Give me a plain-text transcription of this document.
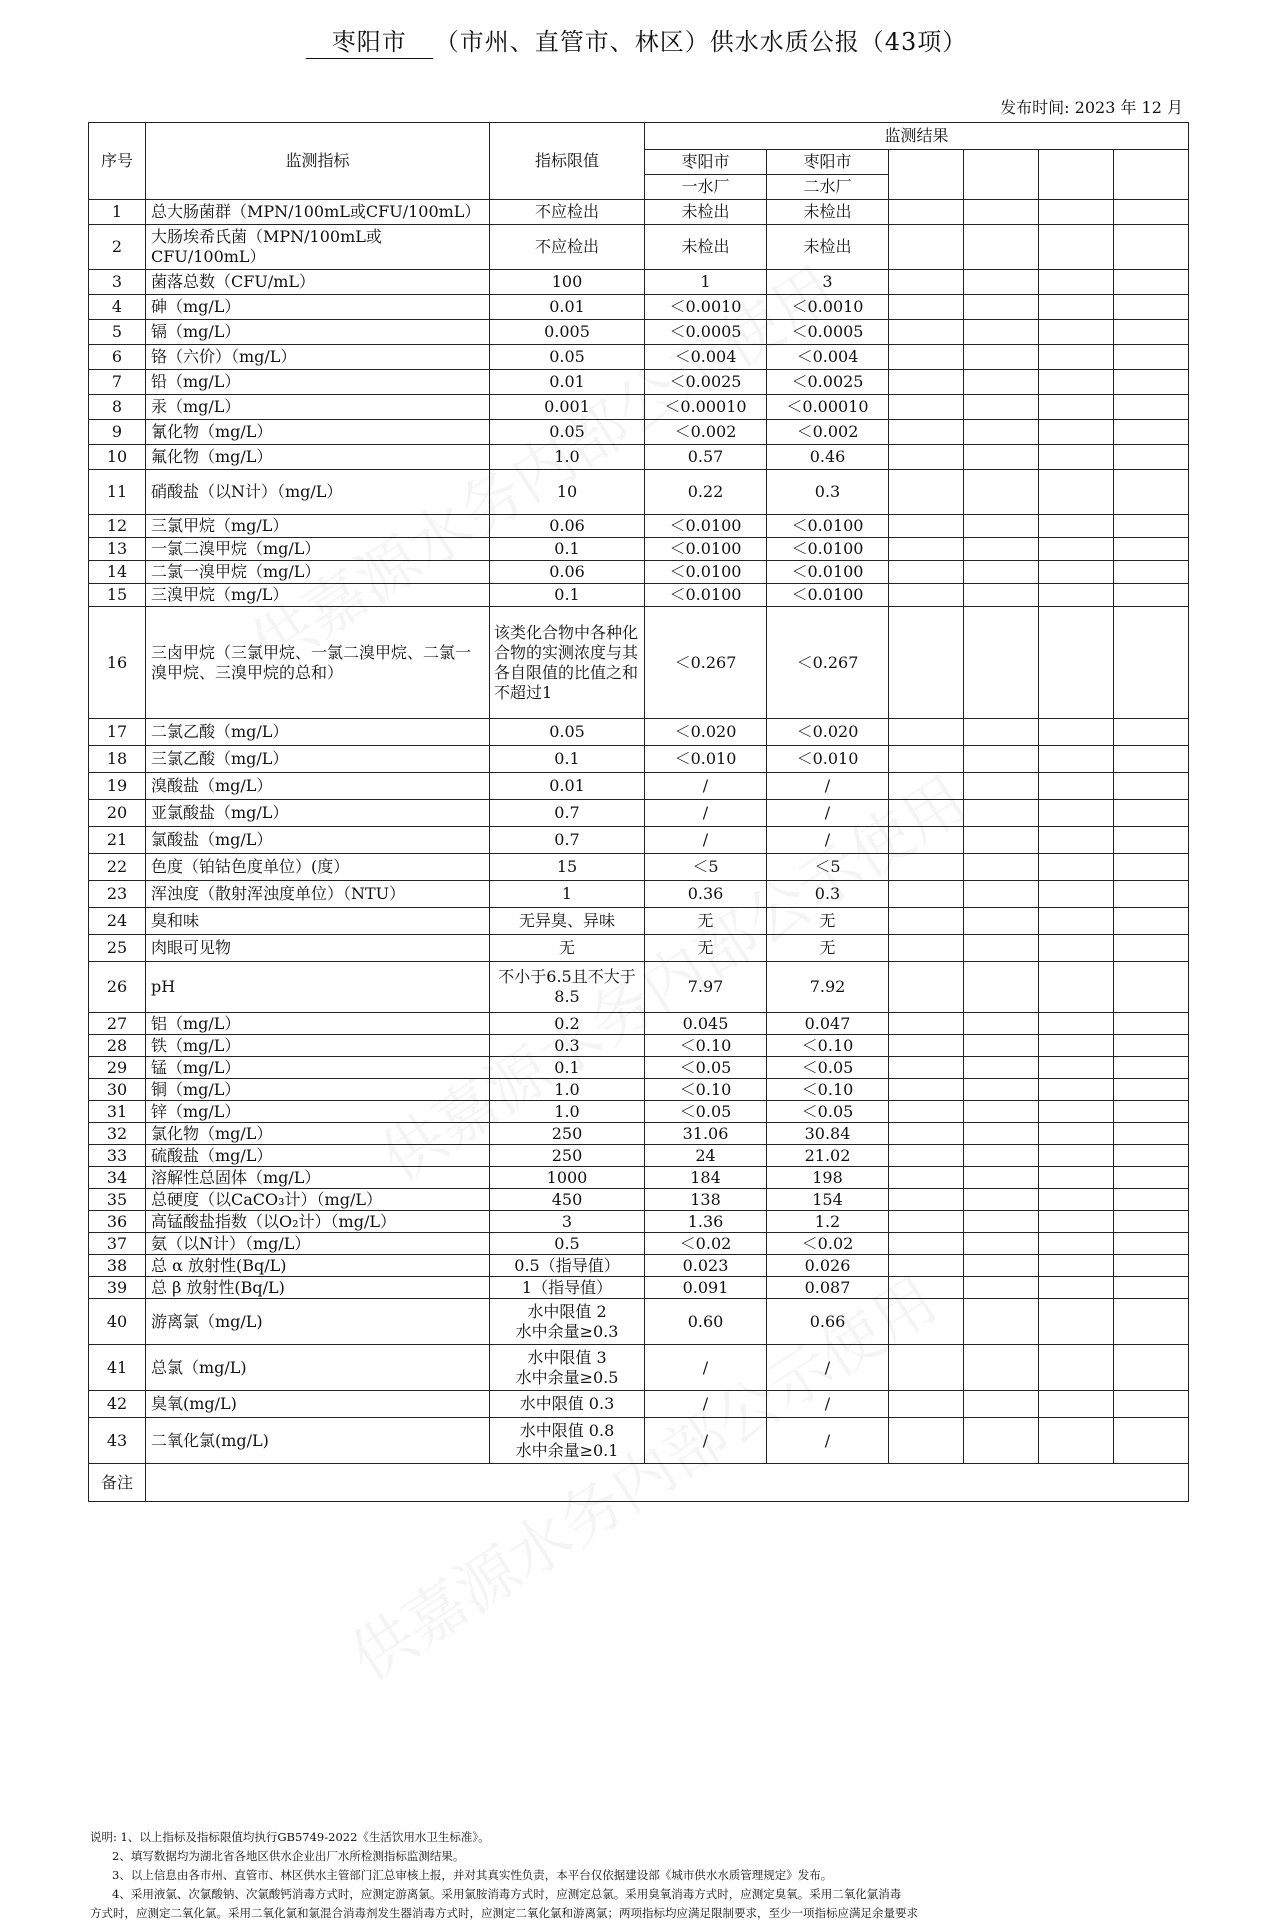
枣阳市 （市州、直管市、林区）供水水质公报（43项）
发布时间: 2023 年 12 月
序号	监测指标	指标限值	监测结果					
			枣阳市	枣阳市				
			一水厂	二水厂				
1	总大肠菌群（MPN/100mL或CFU/100mL）	不应检出	未检出	未检出				
2	大肠埃希氏菌（MPN/100mL或CFU/100mL）	不应检出	未检出	未检出				
3	菌落总数（CFU/mL）	100	1	3				
4	砷（mg/L）	0.01	＜0.0010	＜0.0010				
5	镉（mg/L）	0.005	＜0.0005	＜0.0005				
6	铬（六价）（mg/L）	0.05	＜0.004	＜0.004				
7	铅（mg/L）	0.01	＜0.0025	＜0.0025				
8	汞（mg/L）	0.001	＜0.00010	＜0.00010				
9	氰化物（mg/L）	0.05	＜0.002	＜0.002				
10	氟化物（mg/L）	1.0	0.57	0.46				
11	硝酸盐（以N计）（mg/L）	10	0.22	0.3				
12	三氯甲烷（mg/L）	0.06	＜0.0100	＜0.0100				
13	一氯二溴甲烷（mg/L）	0.1	＜0.0100	＜0.0100				
14	二氯一溴甲烷（mg/L）	0.06	＜0.0100	＜0.0100				
15	三溴甲烷（mg/L）	0.1	＜0.0100	＜0.0100				
16	三卤甲烷（三氯甲烷、一氯二溴甲烷、二氯一溴甲烷、三溴甲烷的总和）	该类化合物中各种化合物的实测浓度与其各自限值的比值之和不超过1	＜0.267	＜0.267				
17	二氯乙酸（mg/L）	0.05	＜0.020	＜0.020				
18	三氯乙酸（mg/L）	0.1	＜0.010	＜0.010				
19	溴酸盐（mg/L）	0.01	/	/				
20	亚氯酸盐（mg/L）	0.7	/	/				
21	氯酸盐（mg/L）	0.7	/	/				
22	色度（铂钴色度单位）(度）	15	＜5	＜5				
23	浑浊度（散射浑浊度单位）（NTU）	1	0.36	0.3				
24	臭和味	无异臭、异味	无	无				
25	肉眼可见物	无	无	无				
26	pH	不小于6.5且不大于8.5	7.97	7.92				
27	铝（mg/L）	0.2	0.045	0.047				
28	铁（mg/L）	0.3	＜0.10	＜0.10				
29	锰（mg/L）	0.1	＜0.05	＜0.05				
30	铜（mg/L）	1.0	＜0.10	＜0.10				
31	锌（mg/L）	1.0	＜0.05	＜0.05				
32	氯化物（mg/L）	250	31.06	30.84				
33	硫酸盐（mg/L）	250	24	21.02				
34	溶解性总固体（mg/L）	1000	184	198				
35	总硬度（以CaCO₃计）（mg/L）	450	138	154				
36	高锰酸盐指数（以O₂计）（mg/L）	3	1.36	1.2				
37	氨（以N计）（mg/L）	0.5	＜0.02	＜0.02				
38	总 α 放射性(Bq/L)	0.5（指导值）	0.023	0.026				
39	总 β 放射性(Bq/L)	1（指导值）	0.091	0.087				
40	游离氯（mg/L)	水中限值 2
水中余量≥0.3	0.60	0.66				
41	总氯（mg/L)	水中限值 3
水中余量≥0.5	/	/				
42	臭氧(mg/L)	水中限值 0.3	/	/				
43	二氧化氯(mg/L)	水中限值 0.8
水中余量≥0.1	/	/				
备注								
说明: 1、以上指标及指标限值均执行GB5749-2022《生活饮用水卫生标准》。
2、填写数据均为湖北省各地区供水企业出厂水所检测指标监测结果。
3、以上信息由各市州、直管市、林区供水主管部门汇总审核上报，并对其真实性负责，本平台仅依据建设部《城市供水水质管理规定》发布。
4、采用液氯、次氯酸钠、次氯酸钙消毒方式时，应测定游离氯。采用氯胺消毒方式时，应测定总氯。采用臭氧消毒方式时，应测定臭氧。采用二氧化氯消毒
方式时，应测定二氧化氯。采用二氧化氯和氯混合消毒剂发生器消毒方式时，应测定二氧化氯和游离氯；两项指标均应满足限制要求，至少一项指标应满足余量要求
